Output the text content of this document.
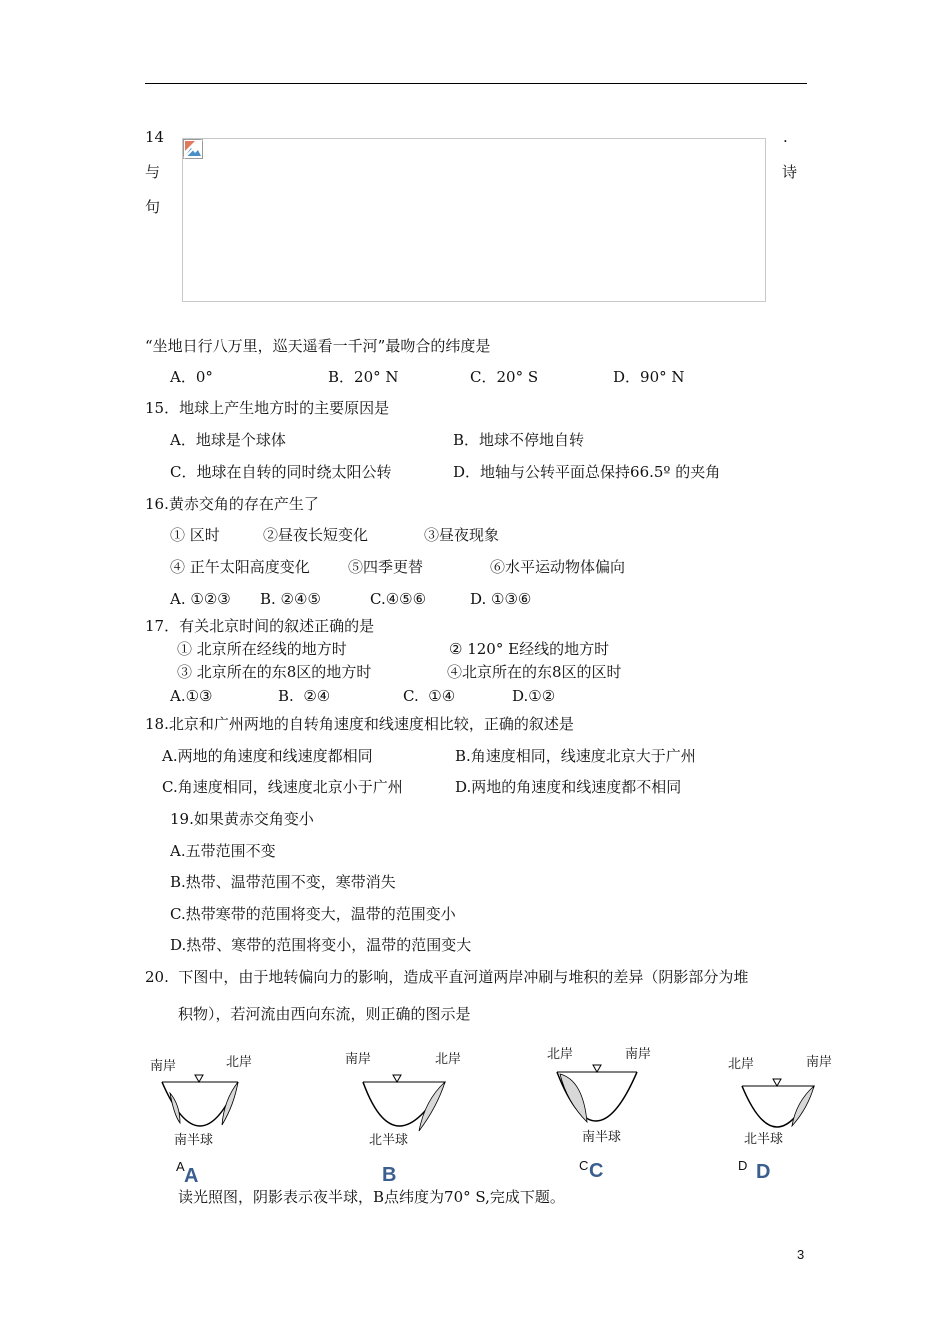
14
与
句
.
诗
“坐地日行八万里，巡天遥看一千河”最吻合的纬度是
A．0°	B．20° N	C．20° S	D．90° N
15．地球上产生地方时的主要原因是
A．地球是个球体	B．地球不停地自转
C．地球在自转的同时绕太阳公转	D．地轴与公转平面总保持66.5º 的夹角
16.黄赤交角的存在产生了
① 区时	②昼夜长短变化	③昼夜现象
④ 正午太阳高度变化	⑤四季更替	⑥水平运动物体偏向
A. ①②③ B. ②④⑤	C.④⑤⑥	D. ①③⑥
17．有关北京时间的叙述正确的是
① 北京所在经线的地方时	② 120° E经线的地方时
③ 北京所在的东8区的地方时	④北京所在的东8区的区时
A.①③	B.  ②④	C.  ①④	D.①②
18.北京和广州两地的自转角速度和线速度相比较，正确的叙述是
A.两地的角速度和线速度都相同	B.角速度相同，线速度北京大于广州
C.角速度相同，线速度北京小于广州	D.两地的角速度和线速度都不相同
19.如果黄赤交角变小
A.五带范围不变
B.热带、温带范围不变，寒带消失
C.热带寒带的范围将变大，温带的范围变小
D.热带、寒带的范围将变小，温带的范围变大
20.  下图中，由于地转偏向力的影响，造成平直河道两岸冲刷与堆积的差异（阴影部分为堆
积物），若河流由西向东流，则正确的图示是
南岸	北岸
南半球
A A
南岸	北岸
北半球
B
北岸	南岸
南半球
C C
北岸	南岸
北半球
D D
读光照图，阴影表示夜半球，B点纬度为70° S,完成下题。
3
